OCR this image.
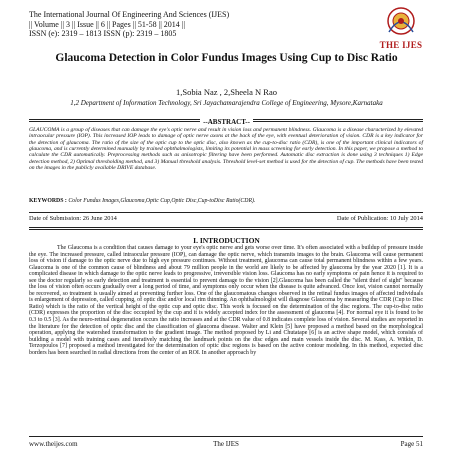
The International Journal Of Engineering And Sciences (IJES)
|| Volume || 3 || Issue || 6 || Pages || 51-58 || 2014 ||
ISSN (e): 2319 – 1813 ISSN (p): 2319 – 1805
THE IJES
Glaucoma Detection in Color Fundus Images Using Cup to Disc Ratio
1,Sobia Naz , 2,Sheela N Rao
1,2 Department of Information Technology, Sri Jayachamarajendra College of Engineering, Mysore,Karnataka
--ABSTRACT--
GLAUCOMA is a group of diseases that can damage the eye's optic nerve and result in vision loss and permanent blindness. Glaucoma is a disease characterized by elevated intraocular pressure (IOP). This increased IOP leads to damage of optic nerve axons at the back of the eye, with eventual deterioration of vision. CDR is a key indicator for the detection of glaucoma. The ratio of the size of the optic cup to the optic disc, also known as the cup-to-disc ratio (CDR), is one of the important clinical indicators of glaucoma, and is currently determined manually by trained ophthalmologists, limiting its potential in mass screening for early detection. In this paper, we propose a method to calculate the CDR automatically. Preprocessing methods such as anisotropic filtering have been performed. Automatic disc extraction is done using 3 techniques 1) Edge detection method, 2) Optimal thresholding method, and 3) Manual threshold analysis. Threshold level-set method is used for the detection of cup. The methods have been tested on the images in the publicly available DRIVE database.
KEYWORDS : Color Fundus Images,Glaucoma,Optic Cup,Optic Disc,Cup-toDisc Ratio(CDR).
Date of Submission: 26 June 2014	Date of Publication: 10 July 2014
I. INTRODUCTION
The Glaucoma is a condition that causes damage to your eye's optic nerve and gets worse over time. It's often associated with a buildup of pressure inside the eye. The increased pressure, called intraocular pressure (IOP), can damage the optic nerve, which transmits images to the brain. Glaucoma will cause permanent loss of vision if damage to the optic nerve due to high eye pressure continues. Without treatment, glaucoma can cause total permanent blindness within a few years. Glaucoma is one of the common cause of blindness and about 79 million people in the world are likely to be affected by glaucoma by the year 2020 [1]. It is a complicated disease in which damage to the optic nerve leads to progressive, irreversible vision loss. Glaucoma has no early symptoms or pain hence it is required to see the doctor regularly so early detection and treatment is essential to prevent damage to the vision [2].Glaucoma has been called the "silent thief of sight" because the loss of vision often occurs gradually over a long period of time, and symptoms only occur when the disease is quite advanced. Once lost, vision cannot normally be recovered, so treatment is usually aimed at preventing further loss. One of the glaucomatous changes observed in the retinal fundus images of affected individuals is enlargement of depression, called cupping, of optic disc and/or local rim thinning. An ophthalmologist will diagnose Glaucoma by measuring the CDR (Cup to Disc Ratio) which is the ratio of the vertical height of the optic cup and optic disc. This work is focused on the determination of the disc regions. The cup-to-disc ratio (CDR) expresses the proportion of the disc occupied by the cup and it is widely accepted index for the assessment of glaucoma [4]. For normal eye it is found to be 0.3 to 0.5 [3]. As the neuro-retinal degeneration occurs the ratio increases and at the CDR value of 0.8 indicates complete loss of vision. Several studies are reported in the literature for the detection of optic disc and the classification of glaucoma disease. Walter and Klein [5] have proposed a method based on the morphological operation, applying the watershed transformation to the gradient image. The method proposed by Li and Chutatape [6] is an active shape model, which consists of building a model with training cases and iteratively matching the landmark points on the disc edges and main vessels inside the disc. M. Kass, A. Witkin, D. Terzopoulos [7] proposed a method investigated for the determination of optic disc regions is based on the active contour modeling. In this method, expected disc borders has been searched in radial directions from the center of an ROI. In another approach by
www.theijes.com	The IJES	Page 51
